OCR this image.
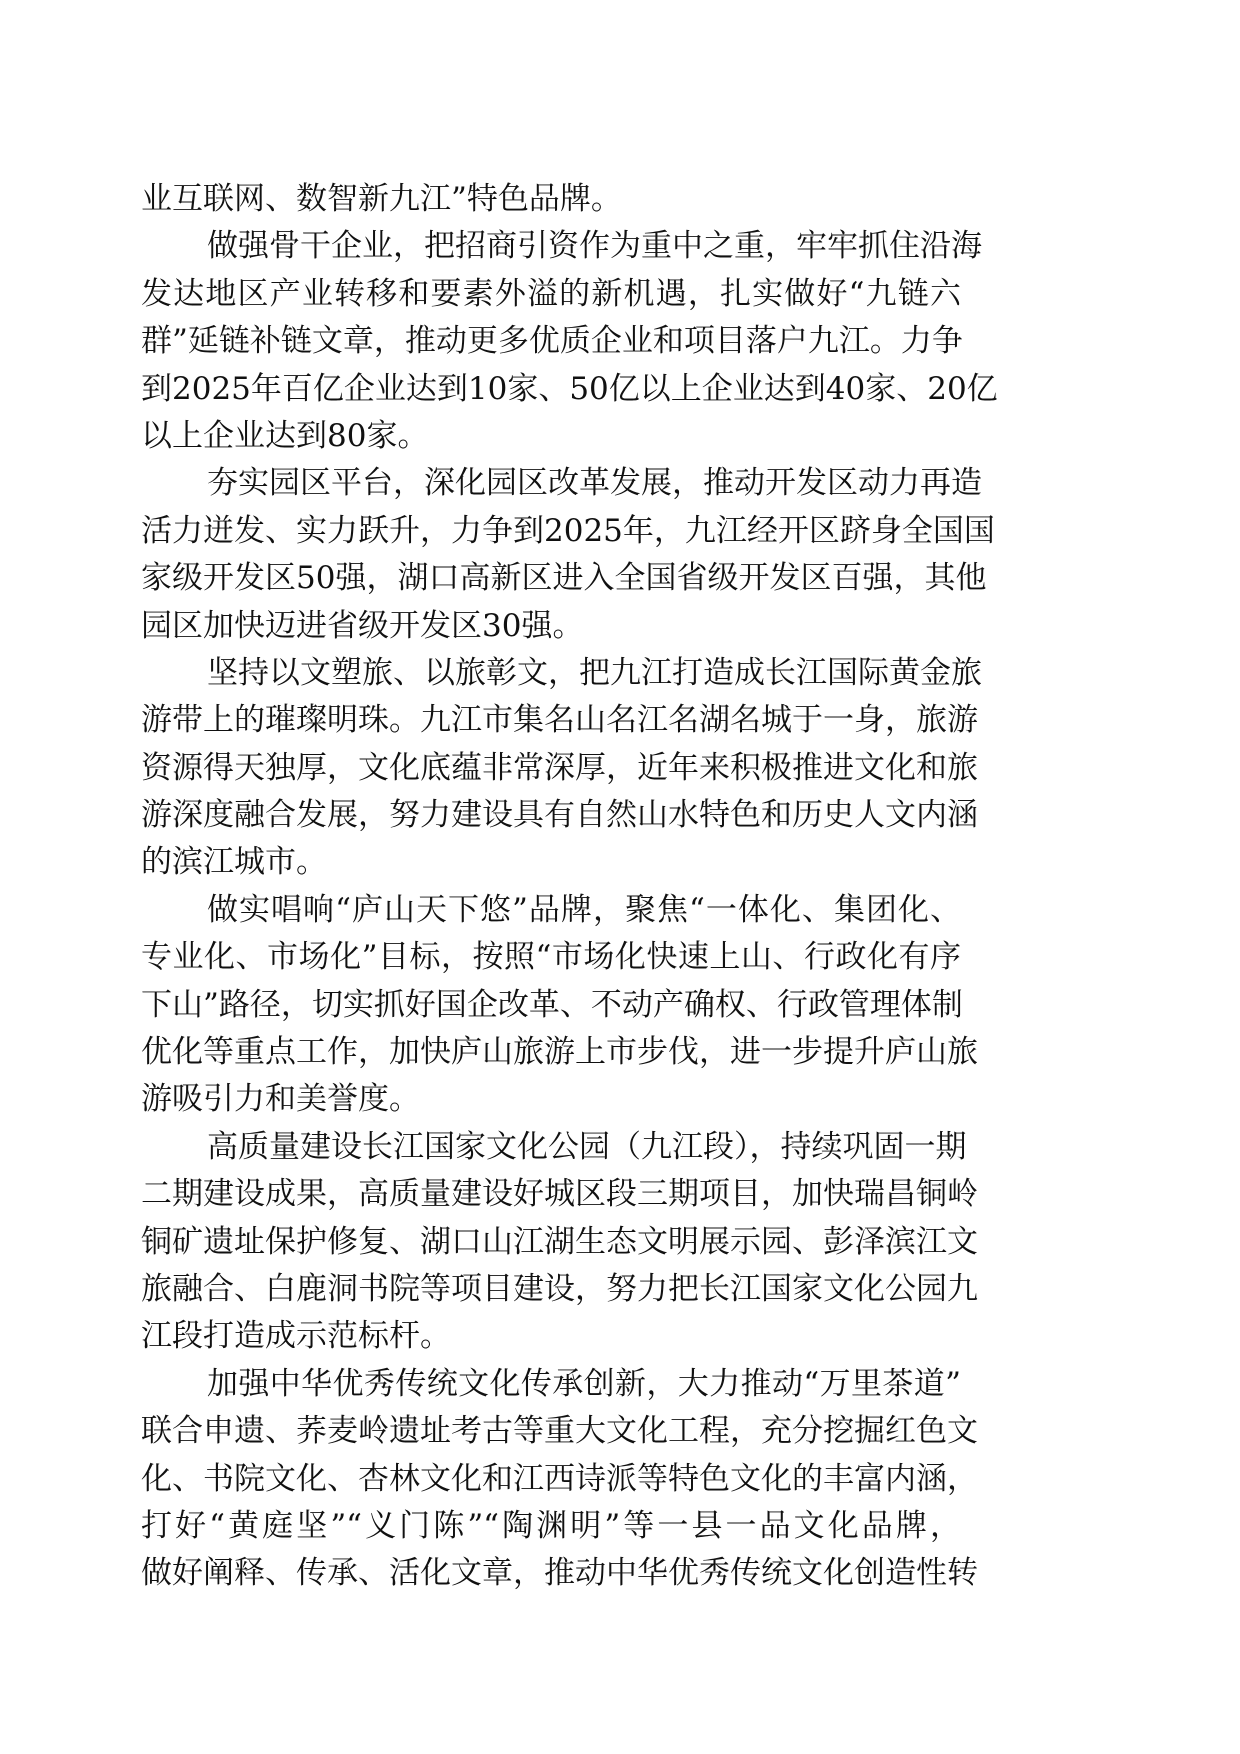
业互联网、数智新九江”特色品牌。
做强骨干企业，把招商引资作为重中之重，牢牢抓住沿海
发达地区产业转移和要素外溢的新机遇，扎实做好“九链六
群”延链补链文章，推动更多优质企业和项目落户九江。力争
到2025年百亿企业达到10家、50亿以上企业达到40家、20亿
以上企业达到80家。
夯实园区平台，深化园区改革发展，推动开发区动力再造
活力迸发、实力跃升，力争到2025年，九江经开区跻身全国国
家级开发区50强，湖口高新区进入全国省级开发区百强，其他
园区加快迈进省级开发区30强。
坚持以文塑旅、以旅彰文，把九江打造成长江国际黄金旅
游带上的璀璨明珠。九江市集名山名江名湖名城于一身，旅游
资源得天独厚，文化底蕴非常深厚，近年来积极推进文化和旅
游深度融合发展，努力建设具有自然山水特色和历史人文内涵
的滨江城市。
做实唱响“庐山天下悠”品牌，聚焦“一体化、集团化、
专业化、市场化”目标，按照“市场化快速上山、行政化有序
下山”路径，切实抓好国企改革、不动产确权、行政管理体制
优化等重点工作，加快庐山旅游上市步伐，进一步提升庐山旅
游吸引力和美誉度。
高质量建设长江国家文化公园（九江段），持续巩固一期
二期建设成果，高质量建设好城区段三期项目，加快瑞昌铜岭
铜矿遗址保护修复、湖口山江湖生态文明展示园、彭泽滨江文
旅融合、白鹿洞书院等项目建设，努力把长江国家文化公园九
江段打造成示范标杆。
加强中华优秀传统文化传承创新，大力推动“万里茶道”
联合申遗、荞麦岭遗址考古等重大文化工程，充分挖掘红色文
化、书院文化、杏林文化和江西诗派等特色文化的丰富内涵，
打好“黄庭坚”“义门陈”“陶渊明”等一县一品文化品牌，
做好阐释、传承、活化文章，推动中华优秀传统文化创造性转
